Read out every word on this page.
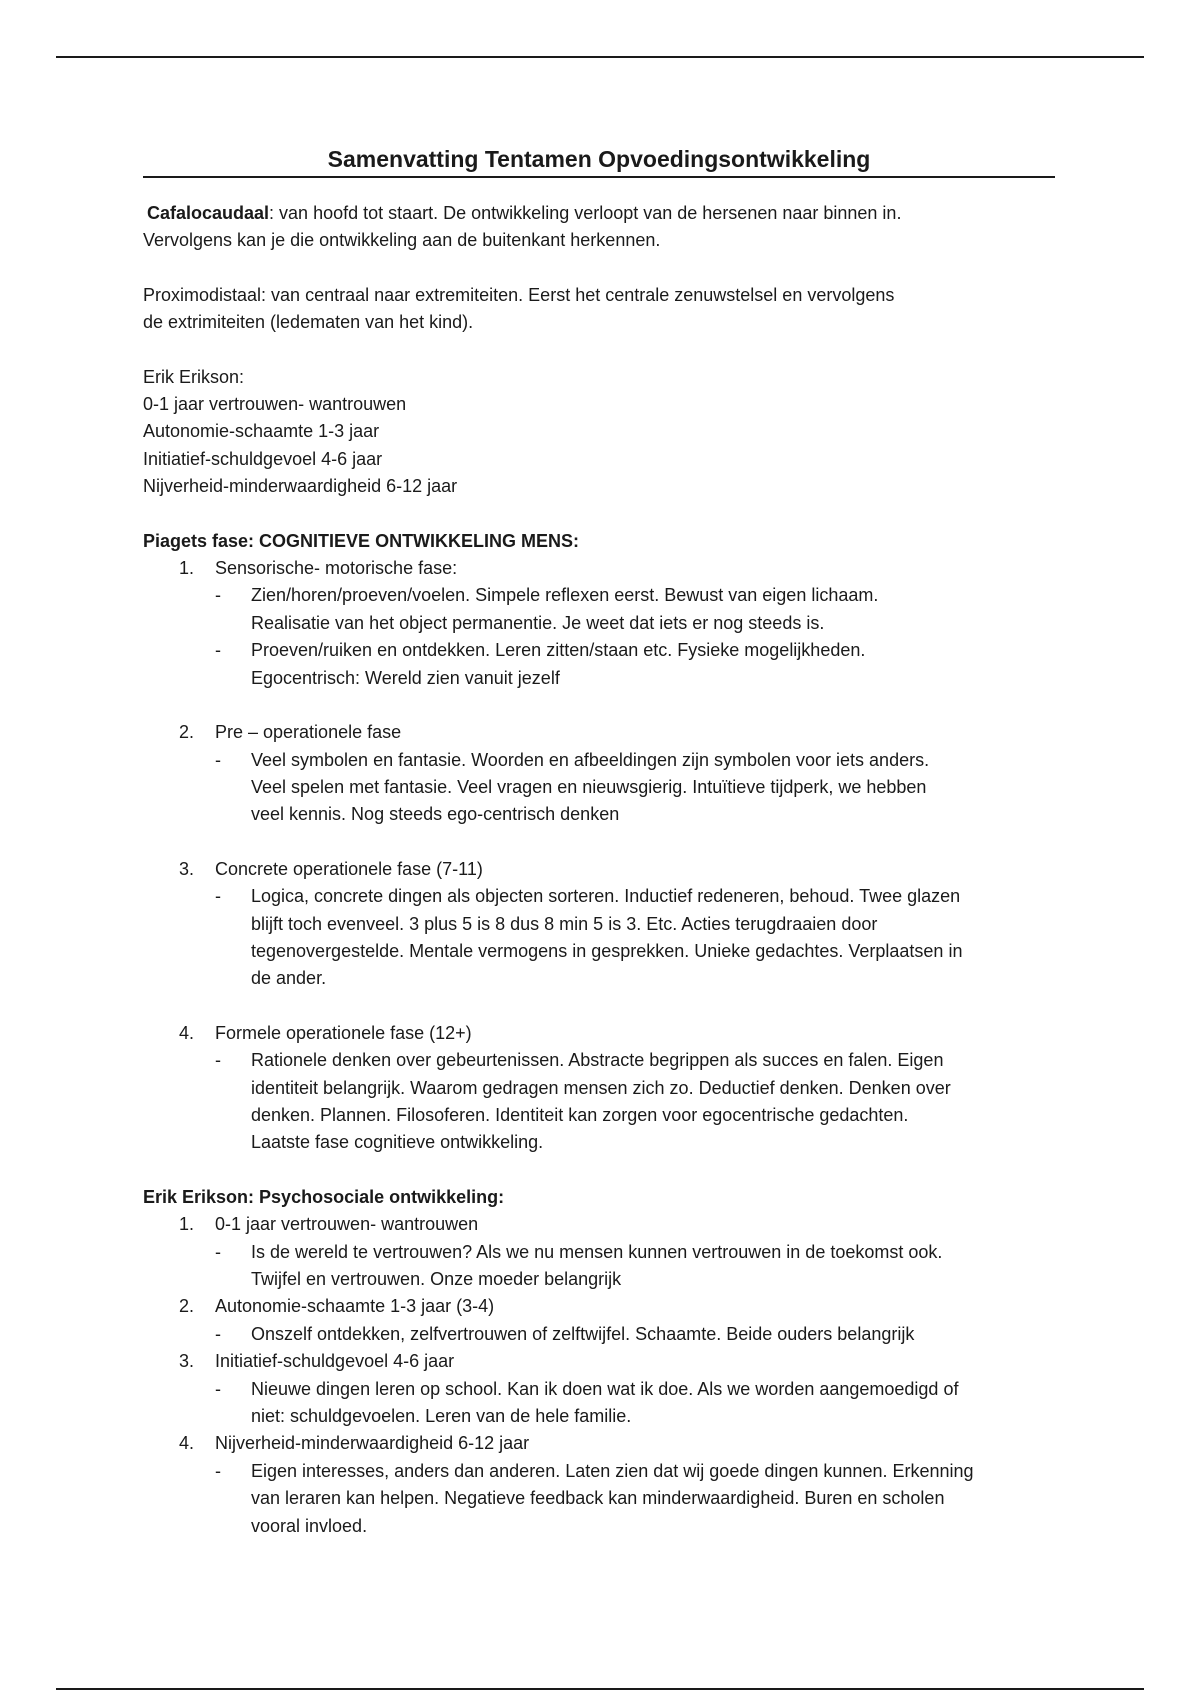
Samenvatting Tentamen Opvoedingsontwikkeling

Cafalocaudaal: van hoofd tot staart. De ontwikkeling verloopt van de hersenen naar binnen in.

Vervolgens kan je die ontwikkeling aan de buitenkant herkennen.

Proximodistaal: van centraal naar extremiteiten. Eerst het centrale zenuwstelsel en vervolgens

de extrimiteiten (ledematen van het kind).

Erik Erikson:

0-1 jaar vertrouwen- wantrouwen

Autonomie-schaamte 1-3 jaar

Initiatief-schuldgevoel 4-6 jaar

Nijverheid-minderwaardigheid 6-12 jaar

Piagets fase: COGNITIEVE ONTWIKKELING MENS:

1. Sensorische- motorische fase:

- Zien/horen/proeven/voelen. Simpele reflexen eerst. Bewust van eigen lichaam.

Realisatie van het object permanentie. Je weet dat iets er nog steeds is.

- Proeven/ruiken en ontdekken. Leren zitten/staan etc. Fysieke mogelijkheden.

Egocentrisch: Wereld zien vanuit jezelf

2. Pre – operationele fase

- Veel symbolen en fantasie. Woorden en afbeeldingen zijn symbolen voor iets anders.

Veel spelen met fantasie. Veel vragen en nieuwsgierig. Intuïtieve tijdperk, we hebben

veel kennis. Nog steeds ego-centrisch denken

3. Concrete operationele fase (7-11)

- Logica, concrete dingen als objecten sorteren. Inductief redeneren, behoud. Twee glazen

blijft toch evenveel. 3 plus 5 is 8 dus 8 min 5 is 3. Etc. Acties terugdraaien door

tegenovergestelde. Mentale vermogens in gesprekken. Unieke gedachtes. Verplaatsen in

de ander.

4. Formele operationele fase (12+)

- Rationele denken over gebeurtenissen. Abstracte begrippen als succes en falen. Eigen

identiteit belangrijk. Waarom gedragen mensen zich zo. Deductief denken. Denken over

denken. Plannen. Filosoferen. Identiteit kan zorgen voor egocentrische gedachten.

Laatste fase cognitieve ontwikkeling.

Erik Erikson: Psychosociale ontwikkeling:

1. 0-1 jaar vertrouwen- wantrouwen

- Is de wereld te vertrouwen? Als we nu mensen kunnen vertrouwen in de toekomst ook.

Twijfel en vertrouwen. Onze moeder belangrijk

2. Autonomie-schaamte 1-3 jaar (3-4)

- Onszelf ontdekken, zelfvertrouwen of zelftwijfel. Schaamte. Beide ouders belangrijk

3. Initiatief-schuldgevoel 4-6 jaar

- Nieuwe dingen leren op school. Kan ik doen wat ik doe. Als we worden aangemoedigd of

niet: schuldgevoelen. Leren van de hele familie.

4. Nijverheid-minderwaardigheid 6-12 jaar

- Eigen interesses, anders dan anderen. Laten zien dat wij goede dingen kunnen. Erkenning

van leraren kan helpen. Negatieve feedback kan minderwaardigheid. Buren en scholen

vooral invloed.
